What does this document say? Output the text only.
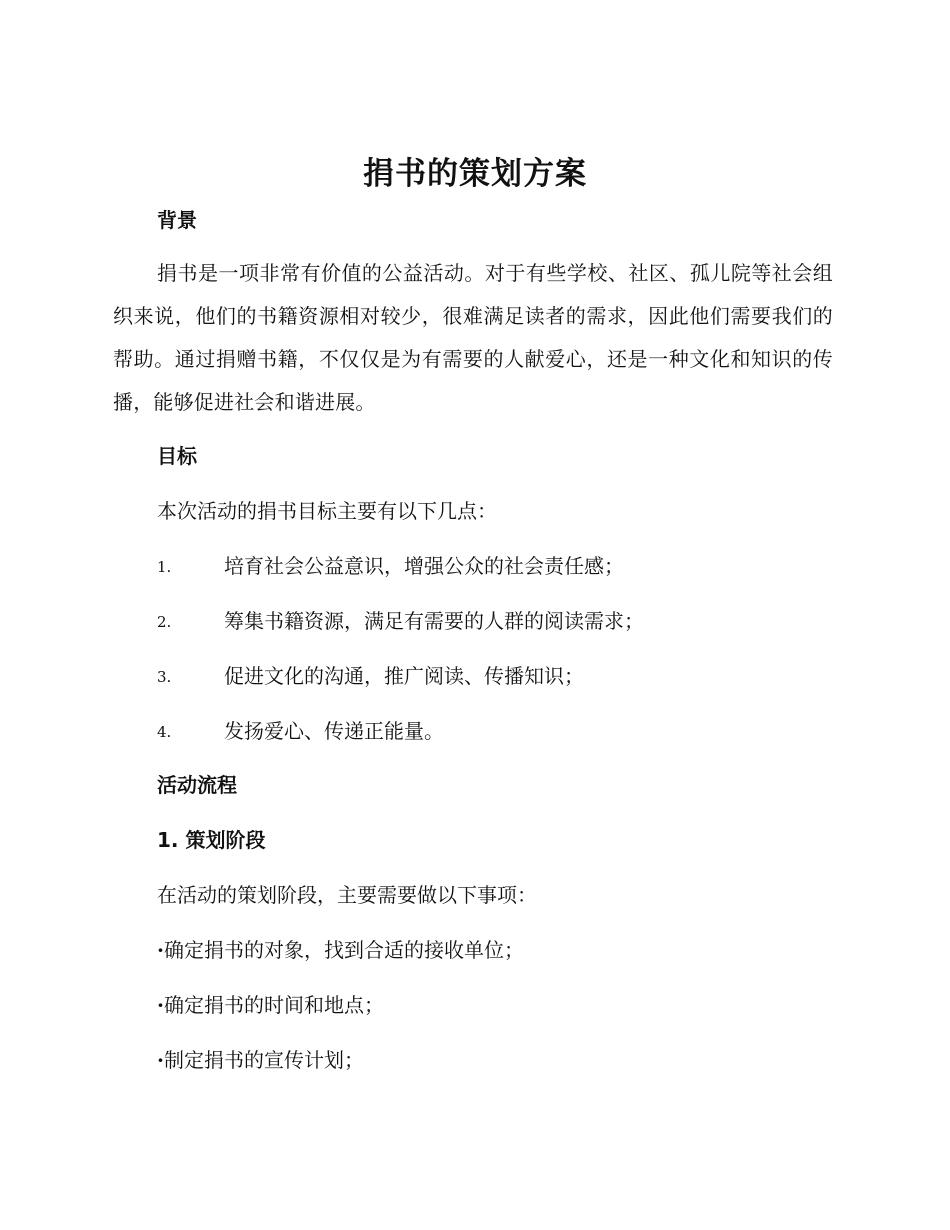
捐书的策划方案
背景
捐书是一项非常有价值的公益活动。对于有些学校、社区、孤儿院等社会组织来说，他们的书籍资源相对较少，很难满足读者的需求，因此他们需要我们的帮助。通过捐赠书籍，不仅仅是为有需要的人献爱心，还是一种文化和知识的传播，能够促进社会和谐进展。
目标
本次活动的捐书目标主要有以下几点：
1.	培育社会公益意识，增强公众的社会责任感；
2.	筹集书籍资源，满足有需要的人群的阅读需求；
3.	促进文化的沟通，推广阅读、传播知识；
4.	发扬爱心、传递正能量。
活动流程
1. 策划阶段
在活动的策划阶段，主要需要做以下事项：
·确定捐书的对象，找到合适的接收单位；
·确定捐书的时间和地点；
·制定捐书的宣传计划；
